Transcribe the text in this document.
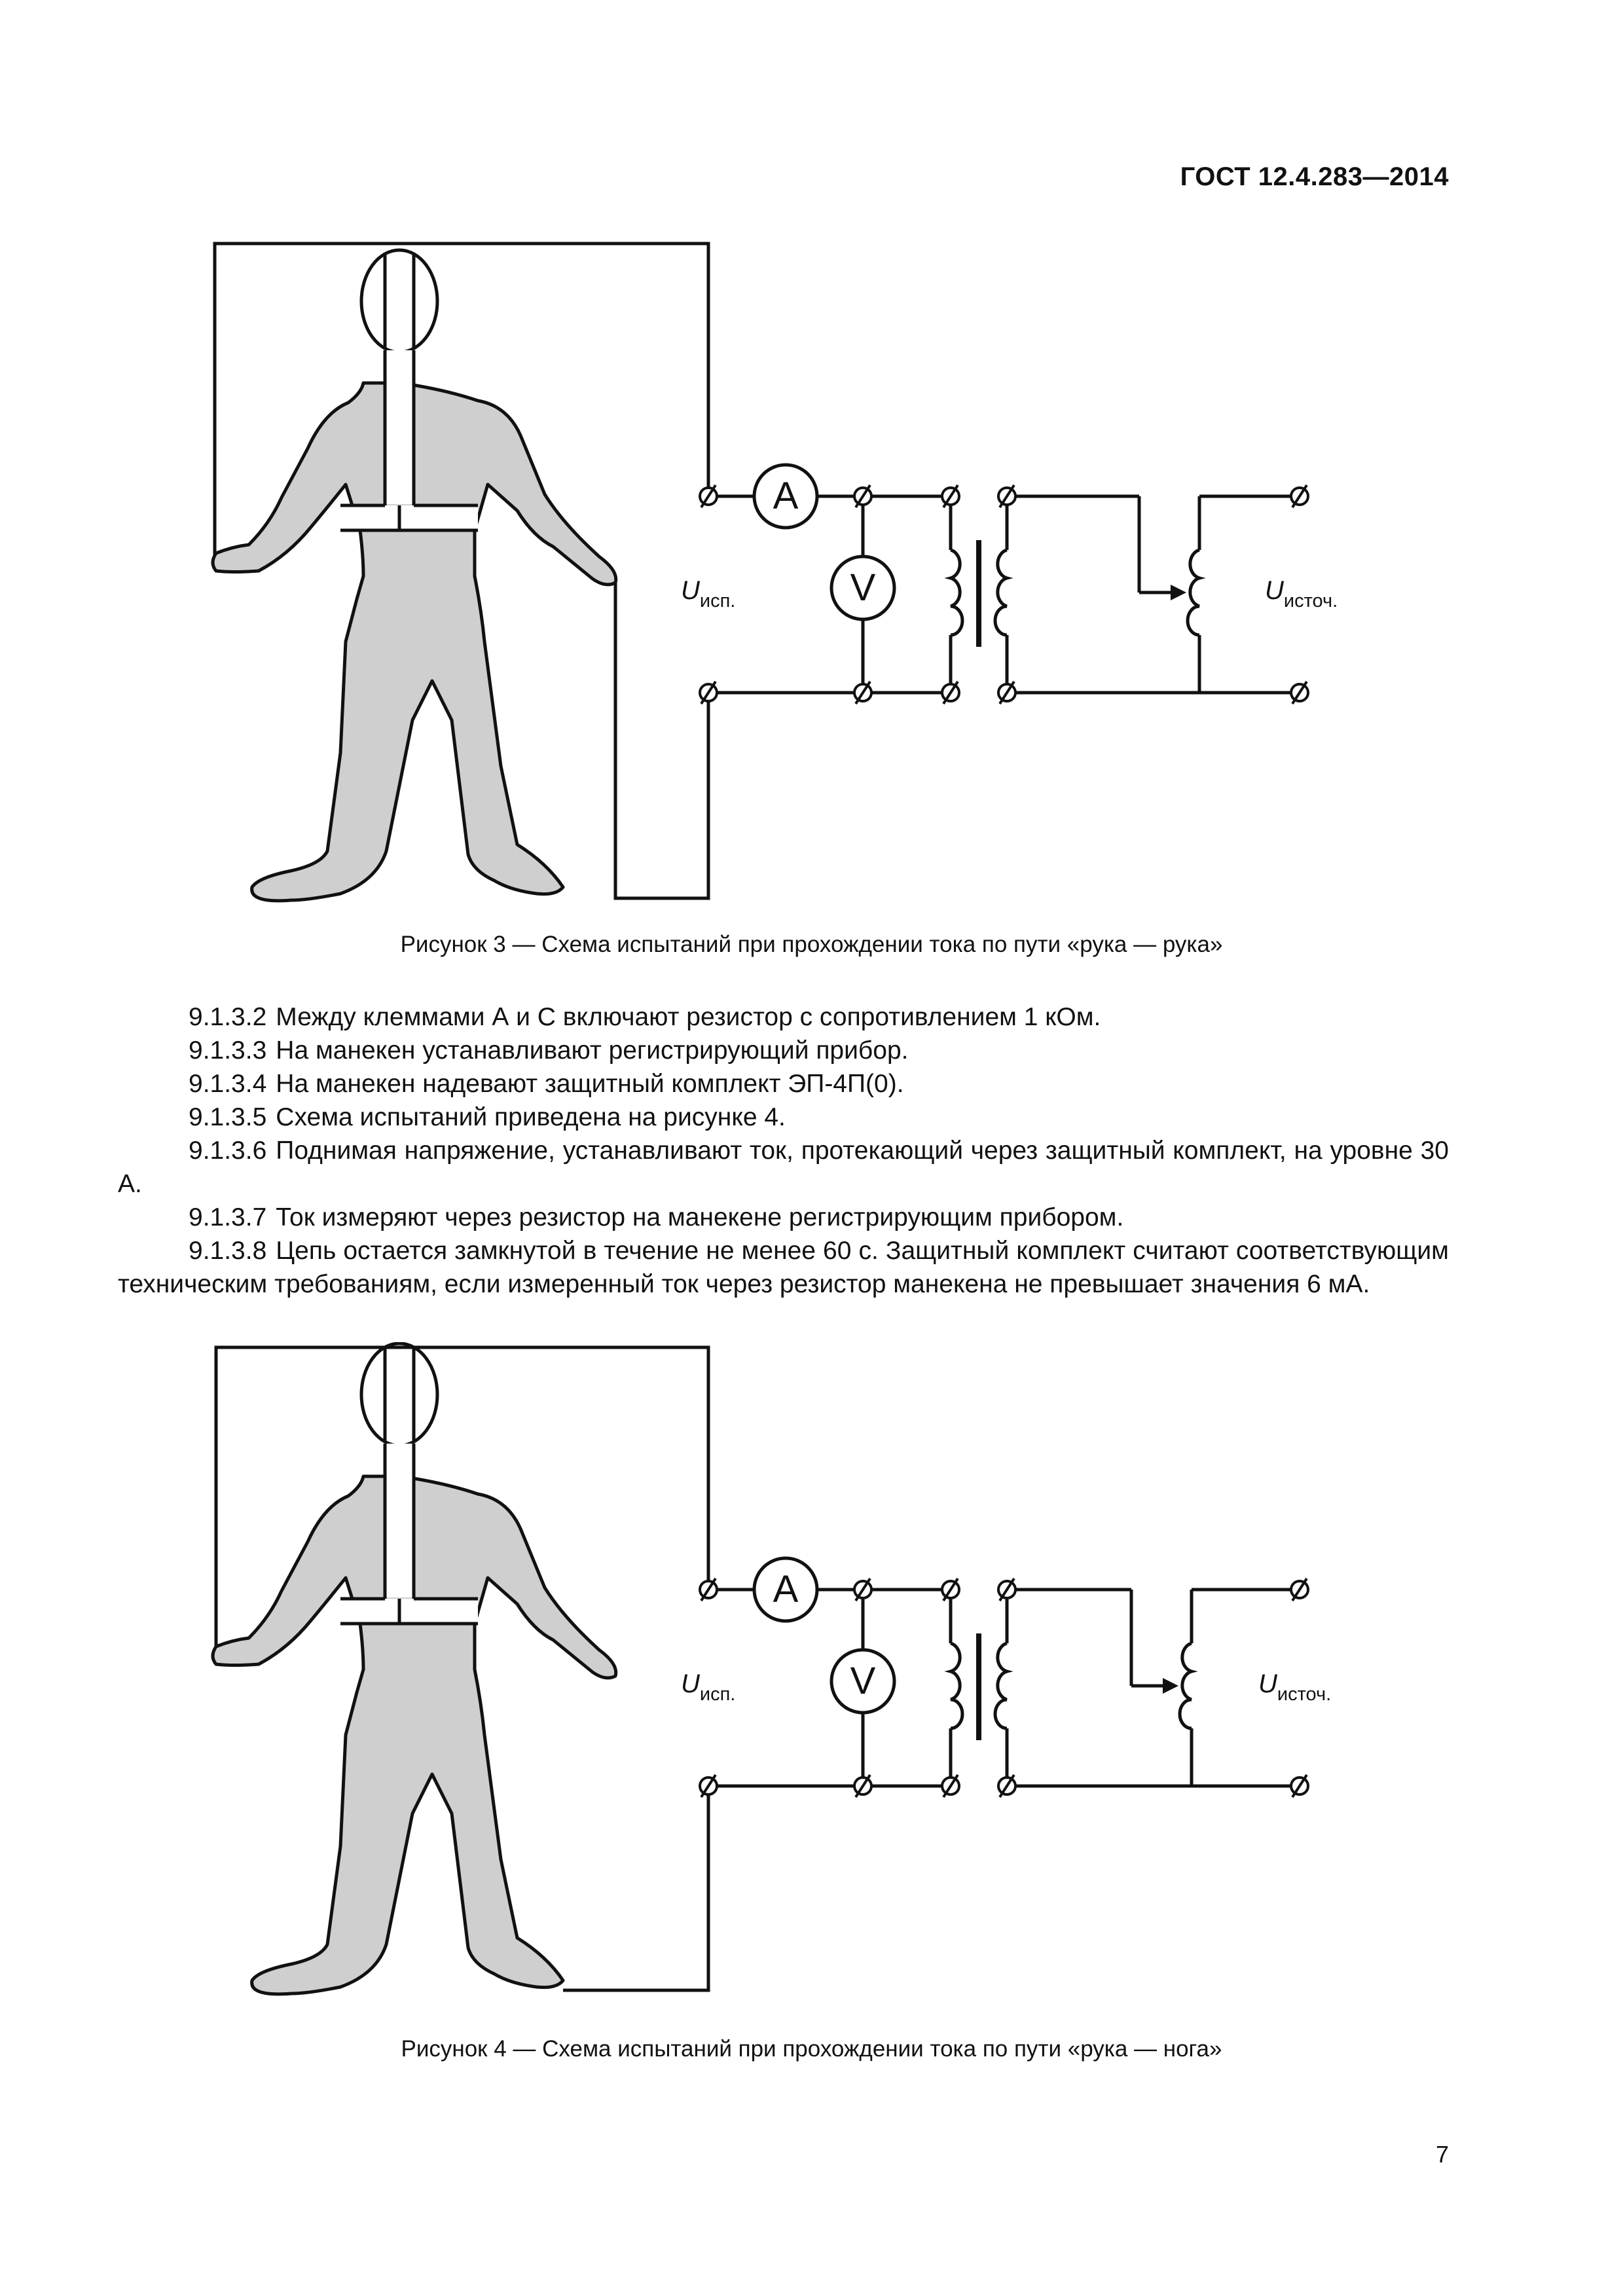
ГОСТ 12.4.283—2014
A
V
$U_{исп.}$	$U_{источ.}$
Рисунок 3 — Схема испытаний при прохождении тока по пути «рука — рука»

9.1.3.2 Между клеммами А и С включают резистор с сопротивлением 1 кОм.

9.1.3.3 На манекен устанавливают регистрирующий прибор.

9.1.3.4 На манекен надевают защитный комплект ЭП-4П(0).

9.1.3.5 Схема испытаний приведена на рисунке 4.

9.1.3.6 Поднимая напряжение, устанавливают ток, протекающий через защитный комплект, на уровне 30 А.

9.1.3.7 Ток измеряют через резистор на манекене регистрирующим прибором.

9.1.3.8 Цепь остается замкнутой в течение не менее 60 с. Защитный комплект считают соответствующим техническим требованиям, если измеренный ток через резистор манекена не превышает значения 6 мА.

A
V
$U_{исп.}$	$U_{источ.}$
Рисунок 4 — Схема испытаний при прохождении тока по пути «рука — нога»
7
